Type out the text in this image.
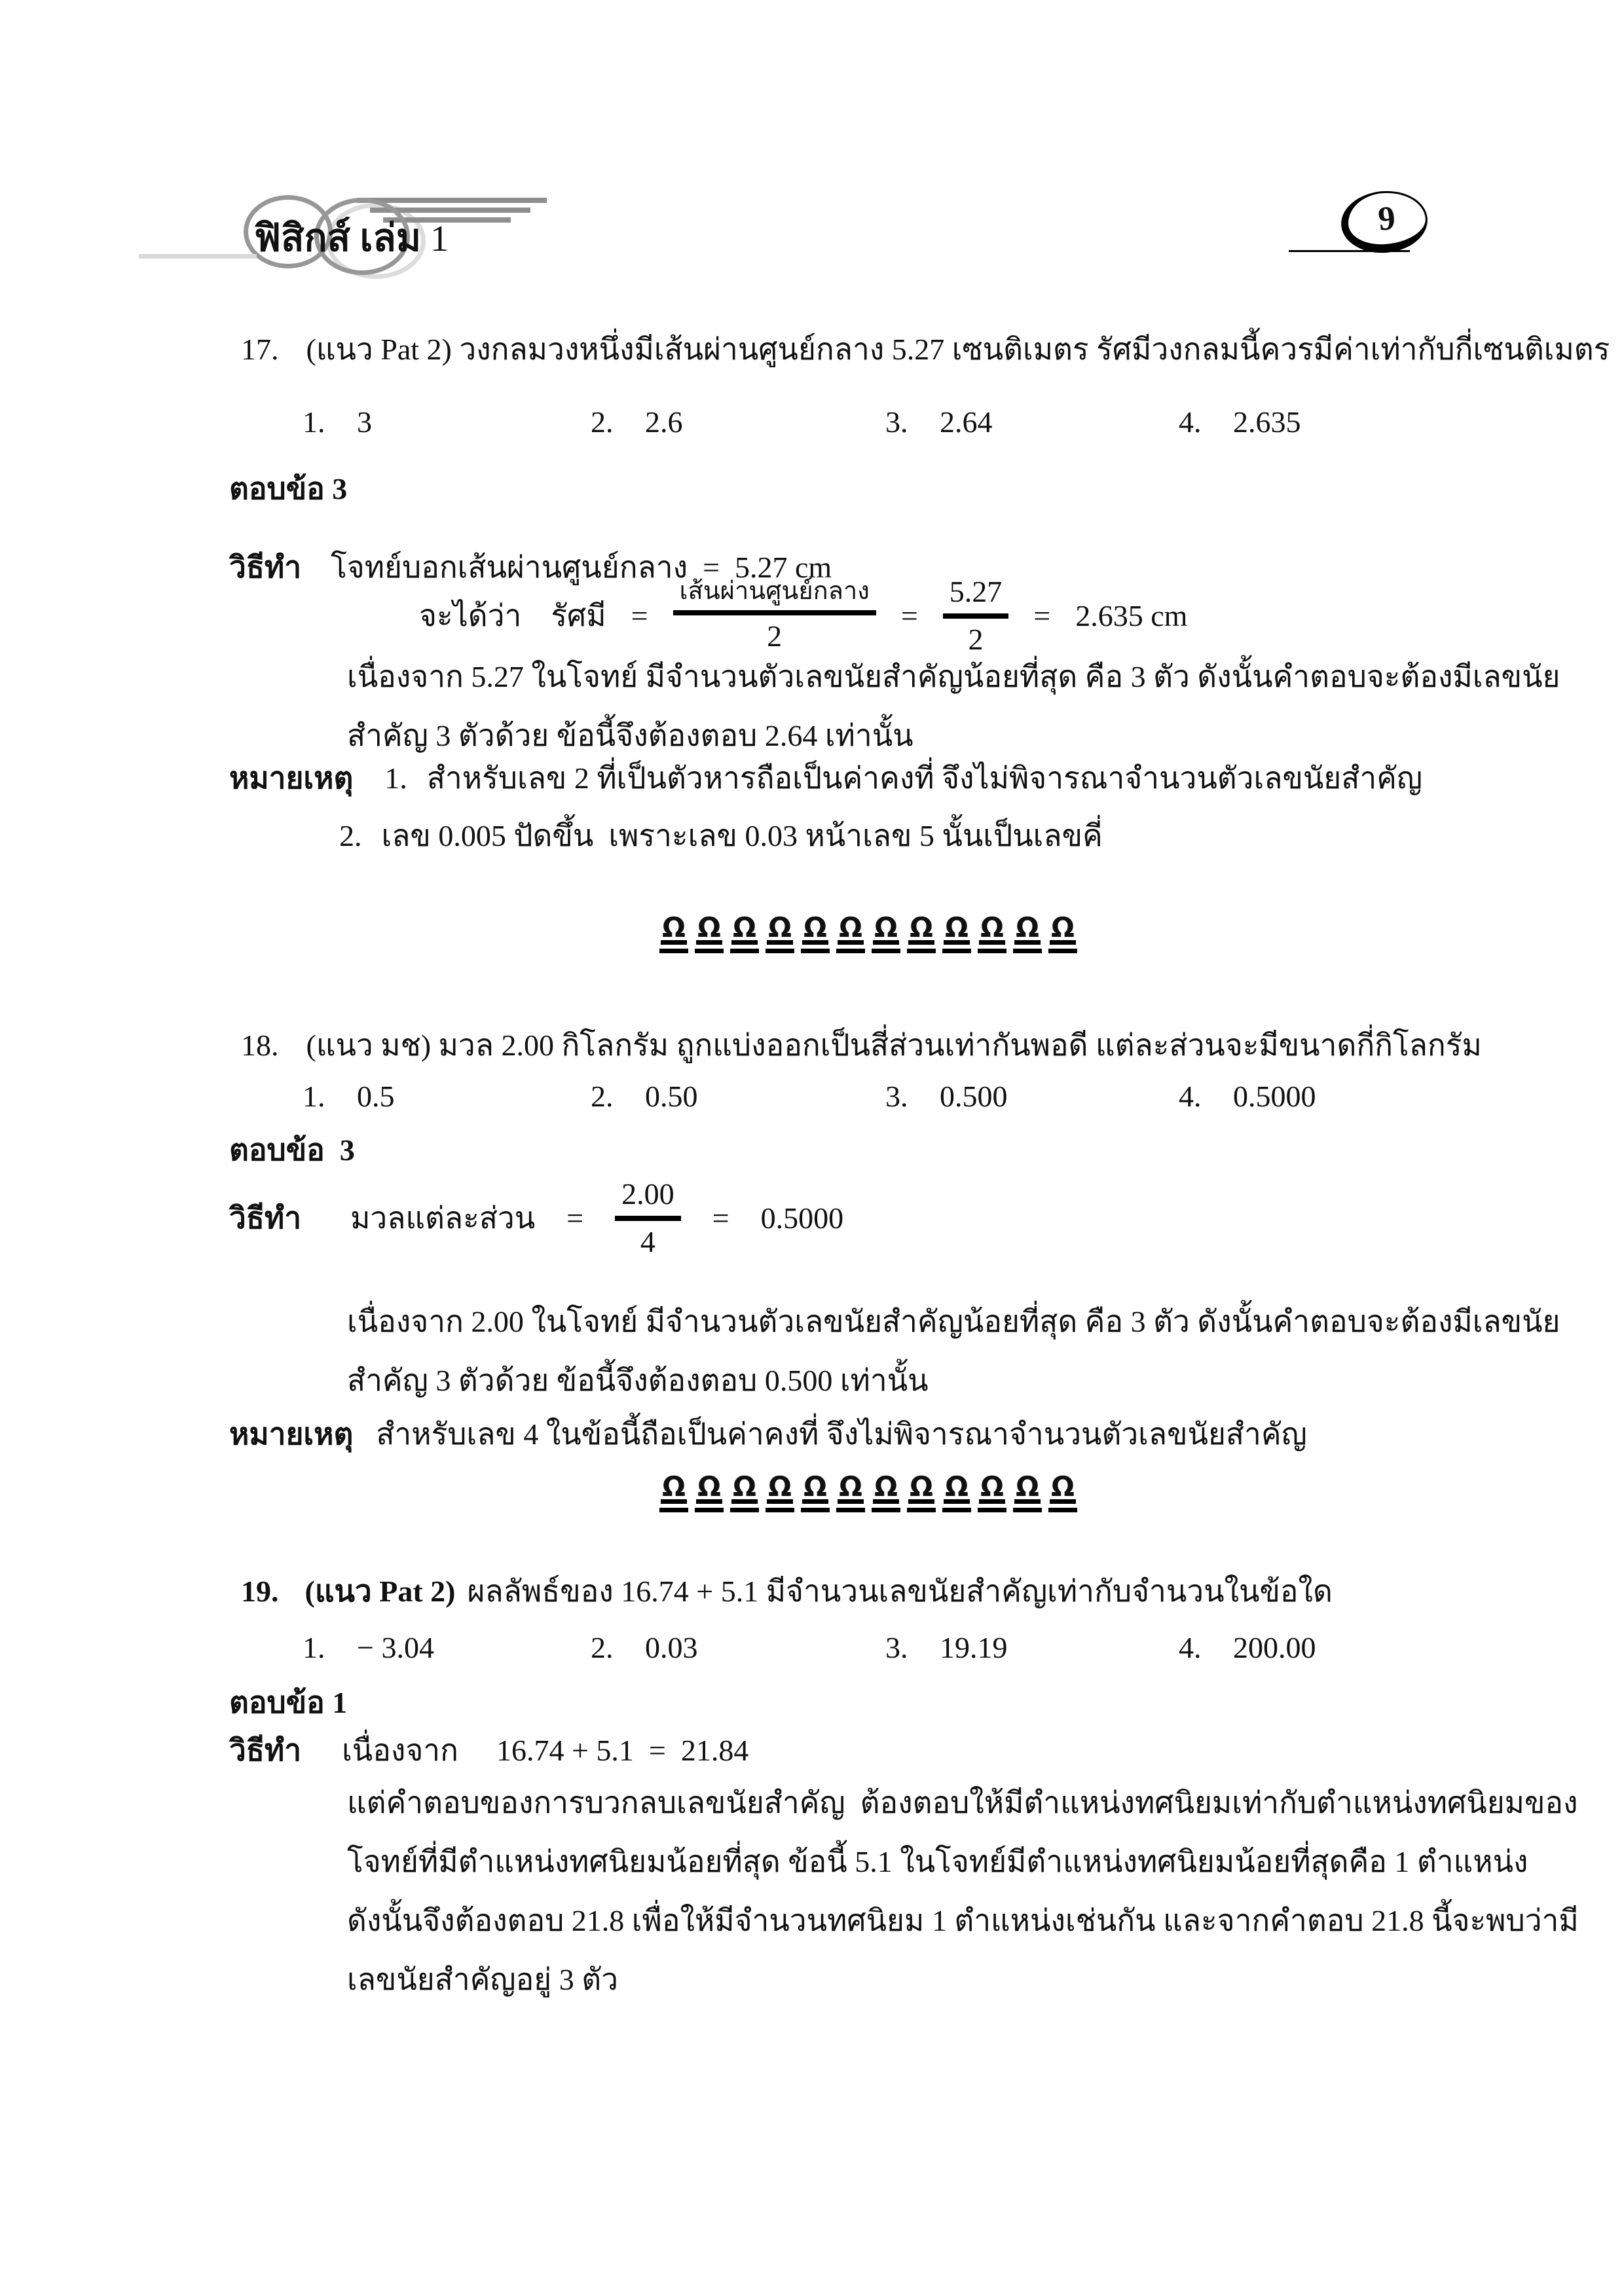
ฟิสิกส์ เล่ม 1
9
17. (แนว Pat 2) วงกลมวงหนึ่งมีเส้นผ่านศูนย์กลาง 5.27 เซนติเมตร รัศมีวงกลมนี้ควรมีค่าเท่ากับกี่เซนติเมตร
1.	3	2.	2.6	3.	2.64	4.	2.635
ตอบข้อ 3
วิธีทำ โจทย์บอกเส้นผ่านศูนย์กลาง  =  5.27 cm
จะได้ว่า รัศมี =
เส้นผ่านศูนย์กลาง
2
=
5.27
2
= 2.635 cm
เนื่องจาก 5.27 ในโจทย์ มีจำนวนตัวเลขนัยสำคัญน้อยที่สุด คือ 3 ตัว ดังนั้นคำตอบจะต้องมีเลขนัย
สำคัญ 3 ตัวด้วย ข้อนี้จึงต้องตอบ 2.64 เท่านั้น
หมายเหตุ 1. สำหรับเลข 2 ที่เป็นตัวหารถือเป็นค่าคงที่ จึงไม่พิจารณาจำนวนตัวเลขนัยสำคัญ
2. เลข 0.005 ปัดขึ้น  เพราะเลข 0.03 หน้าเลข 5 นั้นเป็นเลขคี่
Ω Ω Ω Ω Ω Ω Ω Ω Ω Ω Ω Ω
18. (แนว มช) มวล 2.00 กิโลกรัม ถูกแบ่งออกเป็นสี่ส่วนเท่ากันพอดี แต่ละส่วนจะมีขนาดกี่กิโลกรัม
1.	0.5	2.	0.50	3.	0.500	4.	0.5000
ตอบข้อ  3
วิธีทำ มวลแต่ละส่วน =
2.00
4
= 0.5000
เนื่องจาก 2.00 ในโจทย์ มีจำนวนตัวเลขนัยสำคัญน้อยที่สุด คือ 3 ตัว ดังนั้นคำตอบจะต้องมีเลขนัย
สำคัญ 3 ตัวด้วย ข้อนี้จึงต้องตอบ 0.500 เท่านั้น
หมายเหตุ สำหรับเลข 4 ในข้อนี้ถือเป็นค่าคงที่ จึงไม่พิจารณาจำนวนตัวเลขนัยสำคัญ
Ω Ω Ω Ω Ω Ω Ω Ω Ω Ω Ω Ω
19. (แนว Pat 2) ผลลัพธ์ของ 16.74 + 5.1 มีจำนวนเลขนัยสำคัญเท่ากับจำนวนในข้อใด
1.	− 3.04	2.	0.03	3.	19.19	4.	200.00
ตอบข้อ 1
วิธีทำ เนื่องจาก 16.74 + 5.1  =  21.84
แต่คำตอบของการบวกลบเลขนัยสำคัญ  ต้องตอบให้มีตำแหน่งทศนิยมเท่ากับตำแหน่งทศนิยมของ
โจทย์ที่มีตำแหน่งทศนิยมน้อยที่สุด ข้อนี้ 5.1 ในโจทย์มีตำแหน่งทศนิยมน้อยที่สุดคือ 1 ตำแหน่ง
ดังนั้นจึงต้องตอบ 21.8 เพื่อให้มีจำนวนทศนิยม 1 ตำแหน่งเช่นกัน และจากคำตอบ 21.8 นี้จะพบว่ามี
เลขนัยสำคัญอยู่ 3 ตัว
